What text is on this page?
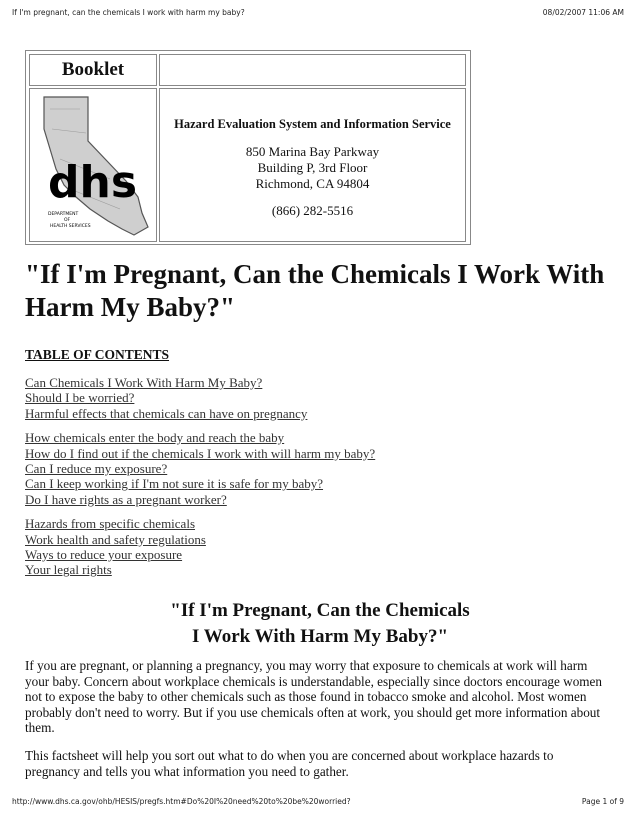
If I'm pregnant, can the chemicals I work with harm my baby?	08/02/2007 11:06 AM
Booklet
dhs
DEPARTMENT
OF
HEALTH SERVICES
Hazard Evaluation System and Information Service
850 Marina Bay Parkway
Building P, 3rd Floor
Richmond, CA 94804
(866) 282-5516
"If I'm Pregnant, Can the Chemicals I Work With Harm My Baby?"
TABLE OF CONTENTS
Can Chemicals I Work With Harm My Baby?
Should I be worried?
Harmful effects that chemicals can have on pregnancy
How chemicals enter the body and reach the baby
How do I find out if the chemicals I work with will harm my baby?
Can I reduce my exposure?
Can I keep working if I'm not sure it is safe for my baby?
Do I have rights as a pregnant worker?
Hazards from specific chemicals
Work health and safety regulations
Ways to reduce your exposure
Your legal rights
"If I'm Pregnant, Can the Chemicals
I Work With Harm My Baby?"
If you are pregnant, or planning a pregnancy, you may worry that exposure to chemicals at work will harm your baby. Concern about workplace chemicals is understandable, especially since doctors encourage women not to expose the baby to other chemicals such as those found in tobacco smoke and alcohol. Most women probably don't need to worry. But if you use chemicals often at work, you should get more information about them.
This factsheet will help you sort out what to do when you are concerned about workplace hazards to pregnancy and tells you what information you need to gather.
http://www.dhs.ca.gov/ohb/HESIS/pregfs.htm#Do%20I%20need%20to%20be%20worried?	Page 1 of 9
